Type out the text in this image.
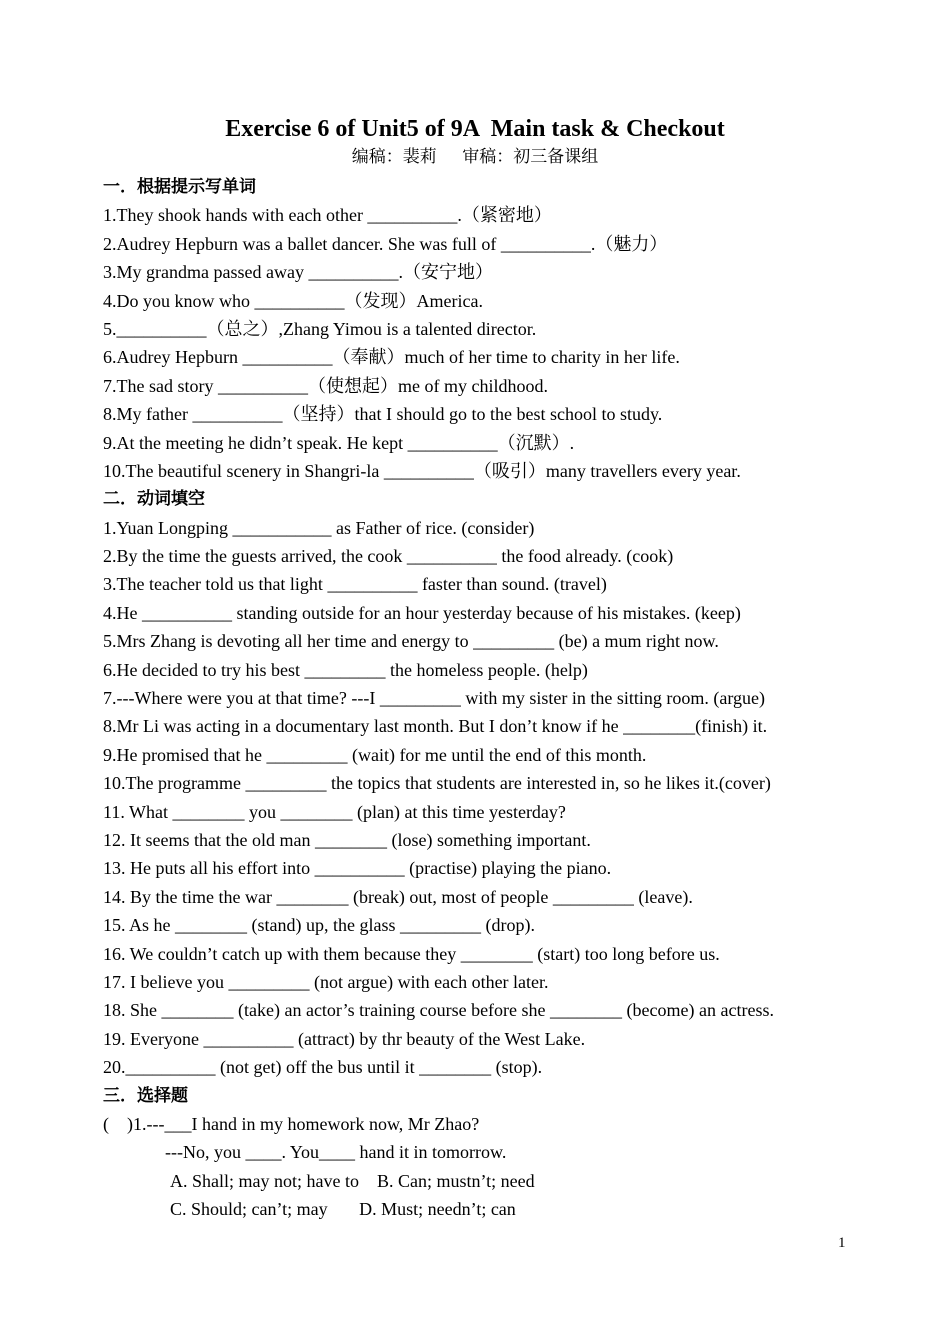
Exercise 6 of Unit5 of 9A  Main task & Checkout
编稿：裴莉      审稿：初三备课组
一．根据提示写单词
1.They shook hands with each other __________.（紧密地）
2.Audrey Hepburn was a ballet dancer. She was full of __________.（魅力）
3.My grandma passed away __________.（安宁地）
4.Do you know who __________（发现）America.
5.__________（总之）,Zhang Yimou is a talented director.
6.Audrey Hepburn __________（奉献）much of her time to charity in her life.
7.The sad story __________（使想起）me of my childhood.
8.My father __________（坚持）that I should go to the best school to study.
9.At the meeting he didn’t speak. He kept __________（沉默）.
10.The beautiful scenery in Shangri-la __________（吸引）many travellers every year.
二．动词填空
1.Yuan Longping ___________ as Father of rice. (consider)
2.By the time the guests arrived, the cook __________ the food already. (cook)
3.The teacher told us that light __________ faster than sound. (travel)
4.He __________ standing outside for an hour yesterday because of his mistakes. (keep)
5.Mrs Zhang is devoting all her time and energy to _________ (be) a mum right now.
6.He decided to try his best _________ the homeless people. (help)
7.---Where were you at that time? ---I _________ with my sister in the sitting room. (argue)
8.Mr Li was acting in a documentary last month. But I don’t know if he ________(finish) it.
9.He promised that he _________ (wait) for me until the end of this month.
10.The programme _________ the topics that students are interested in, so he likes it.(cover)
11. What ________ you ________ (plan) at this time yesterday?
12. It seems that the old man ________ (lose) something important.
13. He puts all his effort into __________ (practise) playing the piano.
14. By the time the war ________ (break) out, most of people _________ (leave).
15. As he ________ (stand) up, the glass _________ (drop).
16. We couldn’t catch up with them because they ________ (start) too long before us.
17. I believe you _________ (not argue) with each other later.
18. She ________ (take) an actor’s training course before she ________ (become) an actress.
19. Everyone __________ (attract) by thr beauty of the West Lake.
20.__________ (not get) off the bus until it ________ (stop).
三．选择题
(    )1.---___I hand in my homework now, Mr Zhao?
---No, you ____. You____ hand it in tomorrow.
A. Shall; may not; have to    B. Can; mustn’t; need
C. Should; can’t; may       D. Must; needn’t; can
1
